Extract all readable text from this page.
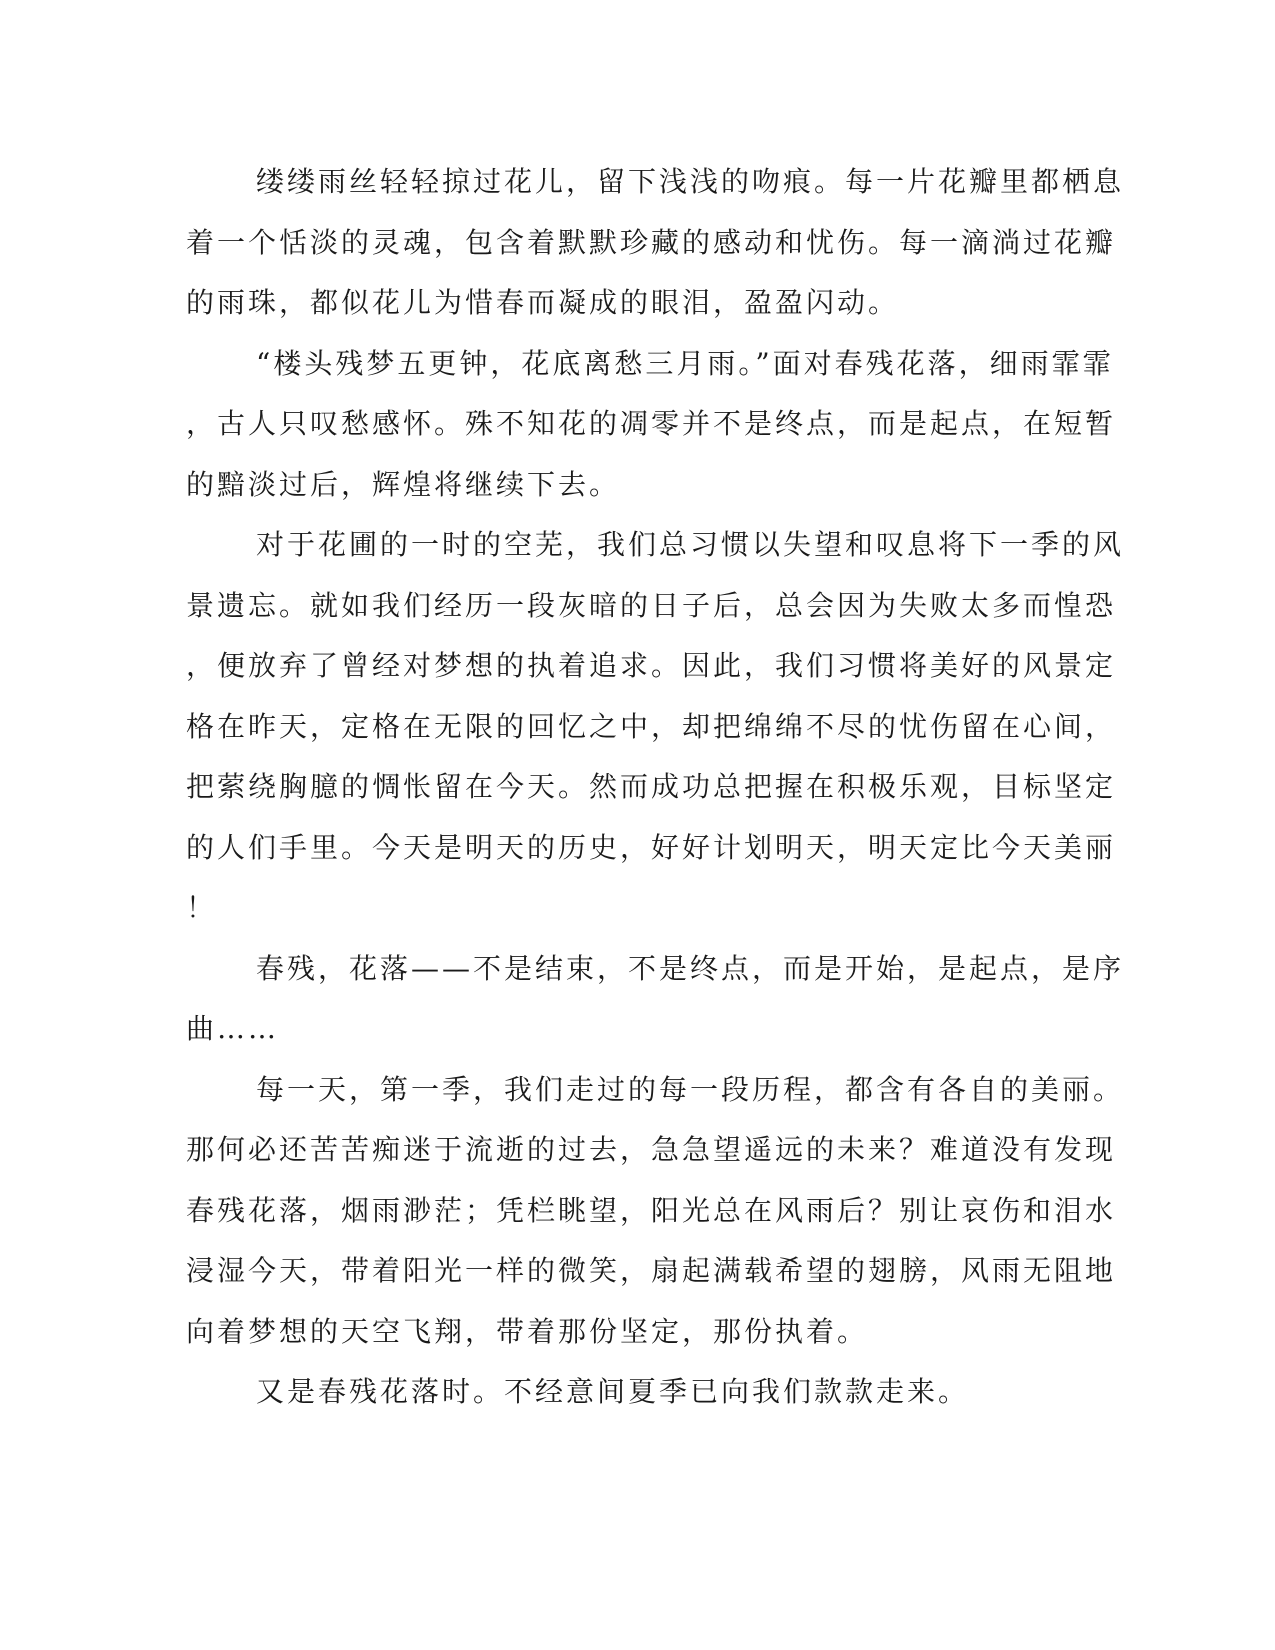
缕缕雨丝轻轻掠过花儿，留下浅浅的吻痕。每一片花瓣里都栖息
着一个恬淡的灵魂，包含着默默珍藏的感动和忧伤。每一滴淌过花瓣
的雨珠，都似花儿为惜春而凝成的眼泪，盈盈闪动。
“楼头残梦五更钟，花底离愁三月雨。”面对春残花落，细雨霏霏
，古人只叹愁感怀。殊不知花的凋零并不是终点，而是起点，在短暂
的黯淡过后，辉煌将继续下去。
对于花圃的一时的空芜，我们总习惯以失望和叹息将下一季的风
景遗忘。就如我们经历一段灰暗的日子后，总会因为失败太多而惶恐
，便放弃了曾经对梦想的执着追求。因此，我们习惯将美好的风景定
格在昨天，定格在无限的回忆之中，却把绵绵不尽的忧伤留在心间，
把萦绕胸臆的惆怅留在今天。然而成功总把握在积极乐观，目标坚定
的人们手里。今天是明天的历史，好好计划明天，明天定比今天美丽
！
春残，花落——不是结束，不是终点，而是开始，是起点，是序
曲……
每一天，第一季，我们走过的每一段历程，都含有各自的美丽。
那何必还苦苦痴迷于流逝的过去，急急望遥远的未来？难道没有发现
春残花落，烟雨渺茫；凭栏眺望，阳光总在风雨后？别让哀伤和泪水
浸湿今天，带着阳光一样的微笑，扇起满载希望的翅膀，风雨无阻地
向着梦想的天空飞翔，带着那份坚定，那份执着。
又是春残花落时。不经意间夏季已向我们款款走来。
